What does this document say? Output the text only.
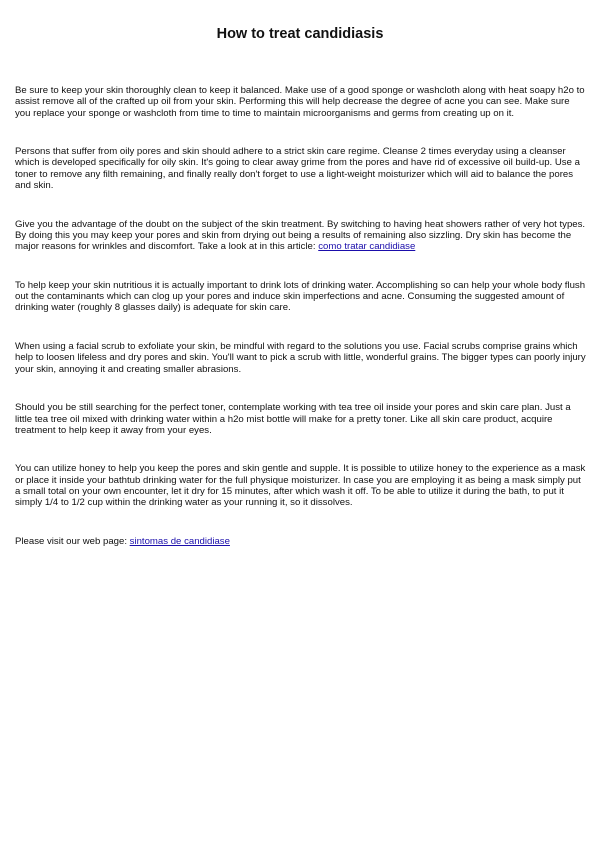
How to treat candidiasis

Be sure to keep your skin thoroughly clean to keep it balanced. Make use of a good sponge or washcloth along with heat soapy h2o to assist remove all of the crafted up oil from your skin. Performing this will help decrease the degree of acne you can see. Make sure you replace your sponge or washcloth from time to time to maintain microorganisms and germs from creating up on it.

Persons that suffer from oily pores and skin should adhere to a strict skin care regime. Cleanse 2 times everyday using a cleanser which is developed specifically for oily skin. It's going to clear away grime from the pores and have rid of excessive oil build-up. Use a toner to remove any filth remaining, and finally really don't forget to use a light-weight moisturizer which will aid to balance the pores and skin.

Give you the advantage of the doubt on the subject of the skin treatment. By switching to having heat showers rather of very hot types. By doing this you may keep your pores and skin from drying out being a results of remaining also sizzling. Dry skin has become the major reasons for wrinkles and discomfort. Take a look at in this article: como tratar candidiase

To help keep your skin nutritious it is actually important to drink lots of drinking water. Accomplishing so can help your whole body flush out the contaminants which can clog up your pores and induce skin imperfections and acne. Consuming the suggested amount of drinking water (roughly 8 glasses daily) is adequate for skin care.

When using a facial scrub to exfoliate your skin, be mindful with regard to the solutions you use. Facial scrubs comprise grains which help to loosen lifeless and dry pores and skin. You'll want to pick a scrub with little, wonderful grains. The bigger types can poorly injury your skin, annoying it and creating smaller abrasions.

Should you be still searching for the perfect toner, contemplate working with tea tree oil inside your pores and skin care plan. Just a little tea tree oil mixed with drinking water within a h2o mist bottle will make for a pretty toner. Like all skin care product, acquire treatment to help keep it away from your eyes.

You can utilize honey to help you keep the pores and skin gentle and supple. It is possible to utilize honey to the experience as a mask or place it inside your bathtub drinking water for the full physique moisturizer. In case you are employing it as being a mask simply put a small total on your own encounter, let it dry for 15 minutes, after which wash it off. To be able to utilize it during the bath, to put it simply 1/4 to 1/2 cup within the drinking water as your running it, so it dissolves.

Please visit our web page: sintomas de candidiase
